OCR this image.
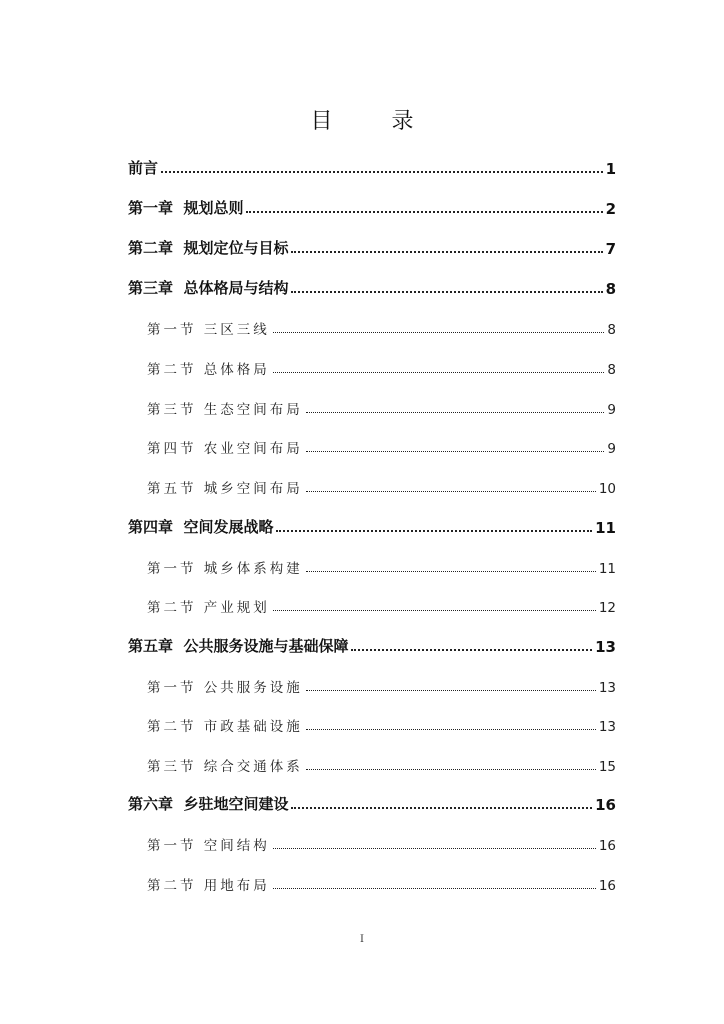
目 录
前言	1
第一章  规划总则	2
第二章  规划定位与目标	7
第三章  总体格局与结构	8
第一节 三区三线	8
第二节 总体格局	8
第三节 生态空间布局	9
第四节 农业空间布局	9
第五节 城乡空间布局	10
第四章  空间发展战略	11
第一节 城乡体系构建	11
第二节 产业规划	12
第五章  公共服务设施与基础保障	13
第一节 公共服务设施	13
第二节 市政基础设施	13
第三节 综合交通体系	15
第六章  乡驻地空间建设	16
第一节 空间结构	16
第二节 用地布局	16
I
